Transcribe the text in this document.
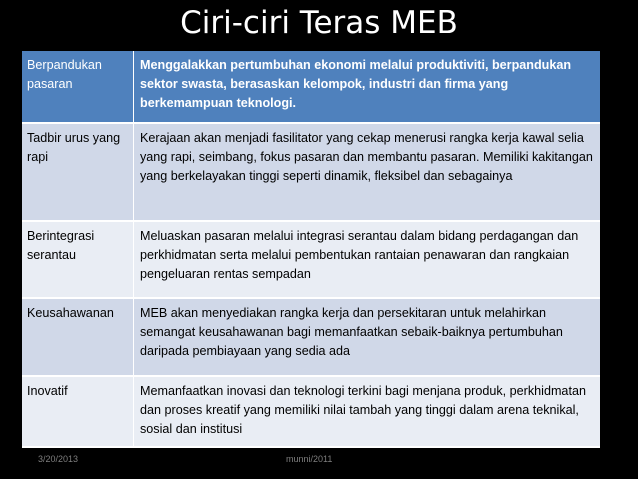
Ciri-ciri Teras MEB
Berpandukan pasaran	Menggalakkan pertumbuhan ekonomi melalui produktiviti, berpandukan sektor swasta, berasaskan kelompok, industri dan firma yang berkemampuan teknologi.
Tadbir urus yang rapi	Kerajaan akan menjadi fasilitator yang cekap menerusi rangka kerja kawal selia yang rapi, seimbang, fokus pasaran dan membantu pasaran. Memiliki kakitangan yang berkelayakan tinggi seperti dinamik, fleksibel dan sebagainya
Berintegrasi serantau	Meluaskan pasaran melalui integrasi serantau dalam bidang perdagangan dan perkhidmatan serta melalui pembentukan rantaian penawaran dan rangkaian pengeluaran rentas sempadan
Keusahawanan	MEB akan menyediakan rangka kerja dan persekitaran untuk melahirkan semangat keusahawanan bagi memanfaatkan sebaik-baiknya pertumbuhan daripada pembiayaan yang sedia ada
Inovatif	Memanfaatkan inovasi dan teknologi terkini bagi menjana produk, perkhidmatan dan proses kreatif yang memiliki nilai tambah yang tinggi dalam arena teknikal, sosial dan institusi
3/20/2013	munni/2011
